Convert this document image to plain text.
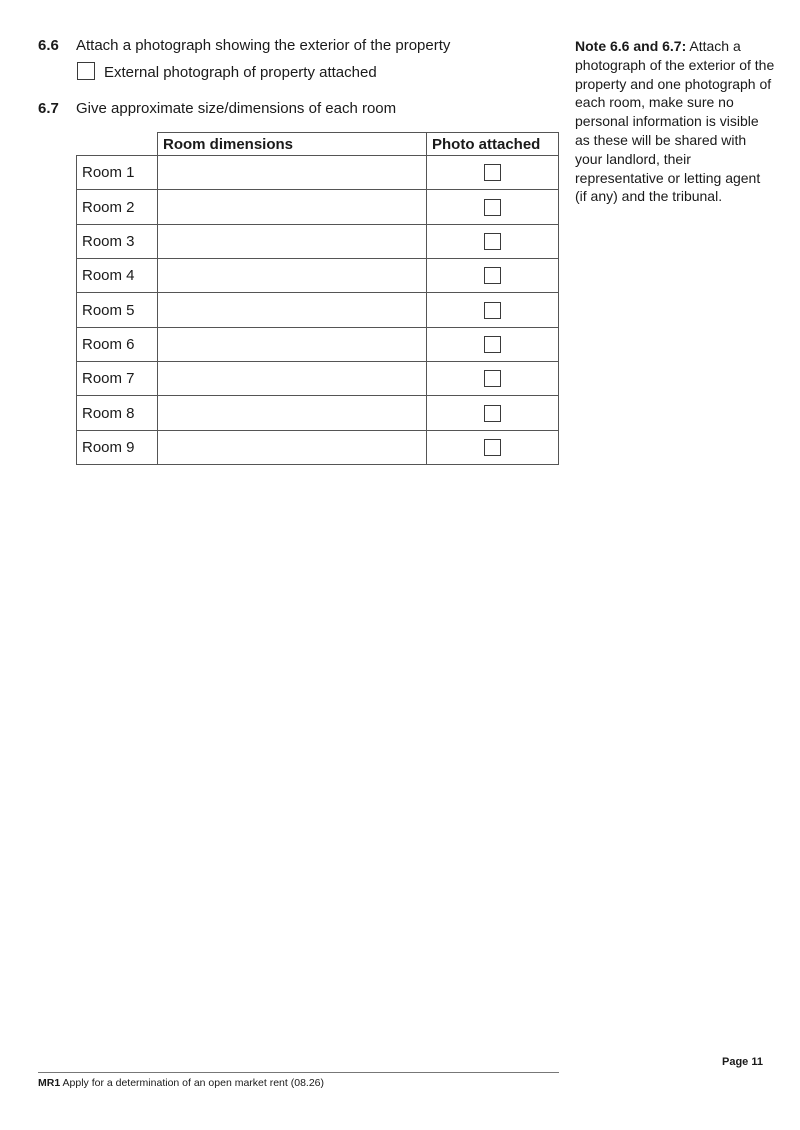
6.6 Attach a photograph showing the exterior of the property
External photograph of property attached
6.7 Give approximate size/dimensions of each room
Room dimensions	Photo attached
Room 1
Room 2
Room 3
Room 4
Room 5
Room 6
Room 7
Room 8
Room 9
Note 6.6 and 6.7: Attach a photograph of the exterior of the property and one photograph of each room, make sure no personal information is visible as these will be shared with your landlord, their representative or letting agent (if any) and the tribunal.
MR1 Apply for a determination of an open market rent (08.26)
Page 11
